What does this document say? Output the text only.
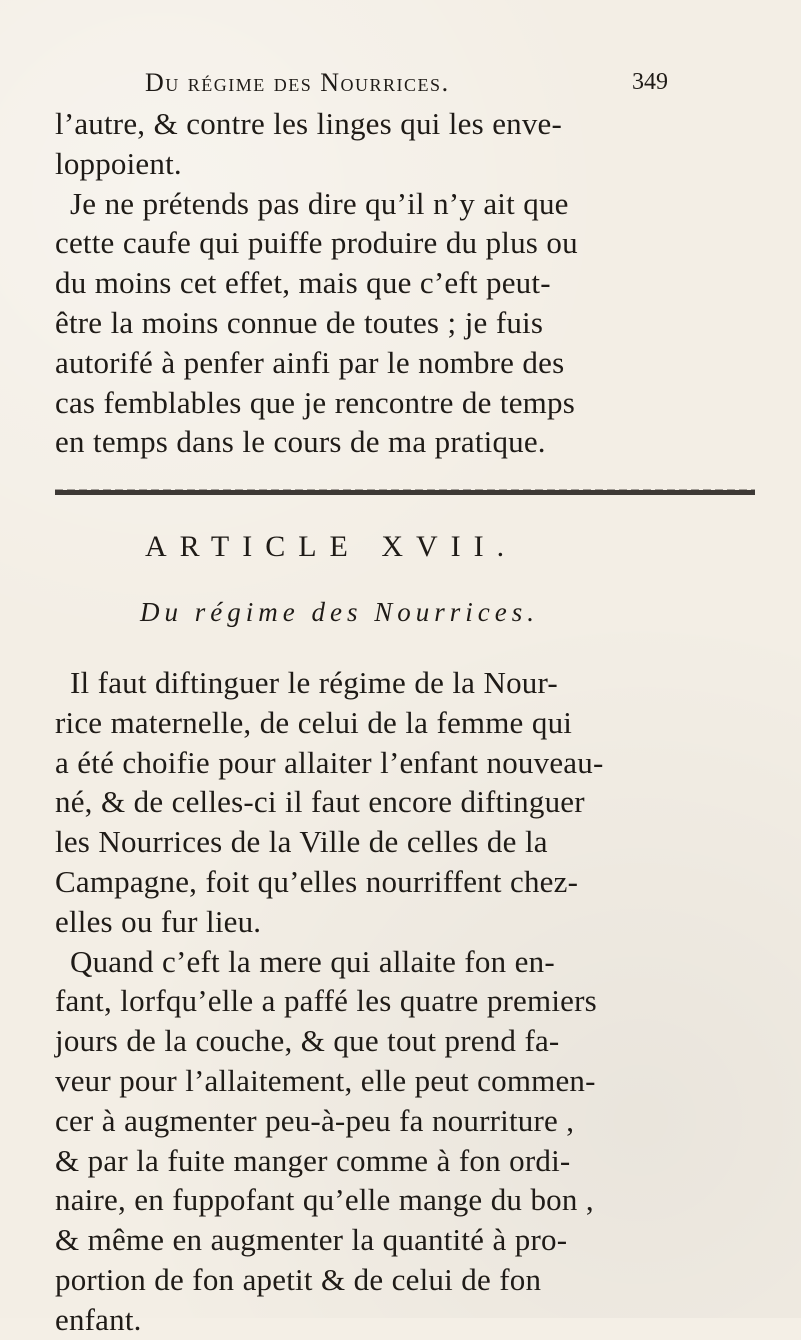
Du régime des Nourrices.	349
l’autre, & contre les linges qui les enve-
loppoient.
Je ne prétends pas dire qu’il n’y ait que
cette caufe qui puiffe produire du plus ou
du moins cet effet, mais que c’eft peut-
être la moins connue de toutes ; je fuis
autorifé à penfer ainfi par le nombre des
cas femblables que je rencontre de temps
en temps dans le cours de ma pratique.
ARTICLE XVII.
Du régime des Nourrices.
Il faut diftinguer le régime de la Nour-
rice maternelle, de celui de la femme qui
a été choifie pour allaiter l’enfant nouveau-
né, & de celles-ci il faut encore diftinguer
les Nourrices de la Ville de celles de la
Campagne, foit qu’elles nourriffent chez-
elles ou fur lieu.
Quand c’eft la mere qui allaite fon en-
fant, lorfqu’elle a paffé les quatre premiers
jours de la couche, & que tout prend fa-
veur pour l’allaitement, elle peut commen-
cer à augmenter peu-à-peu fa nourriture ,
& par la fuite manger comme à fon ordi-
naire, en fuppofant qu’elle mange du bon ,
& même en augmenter la quantité à pro-
portion de fon apetit & de celui de fon
enfant.
